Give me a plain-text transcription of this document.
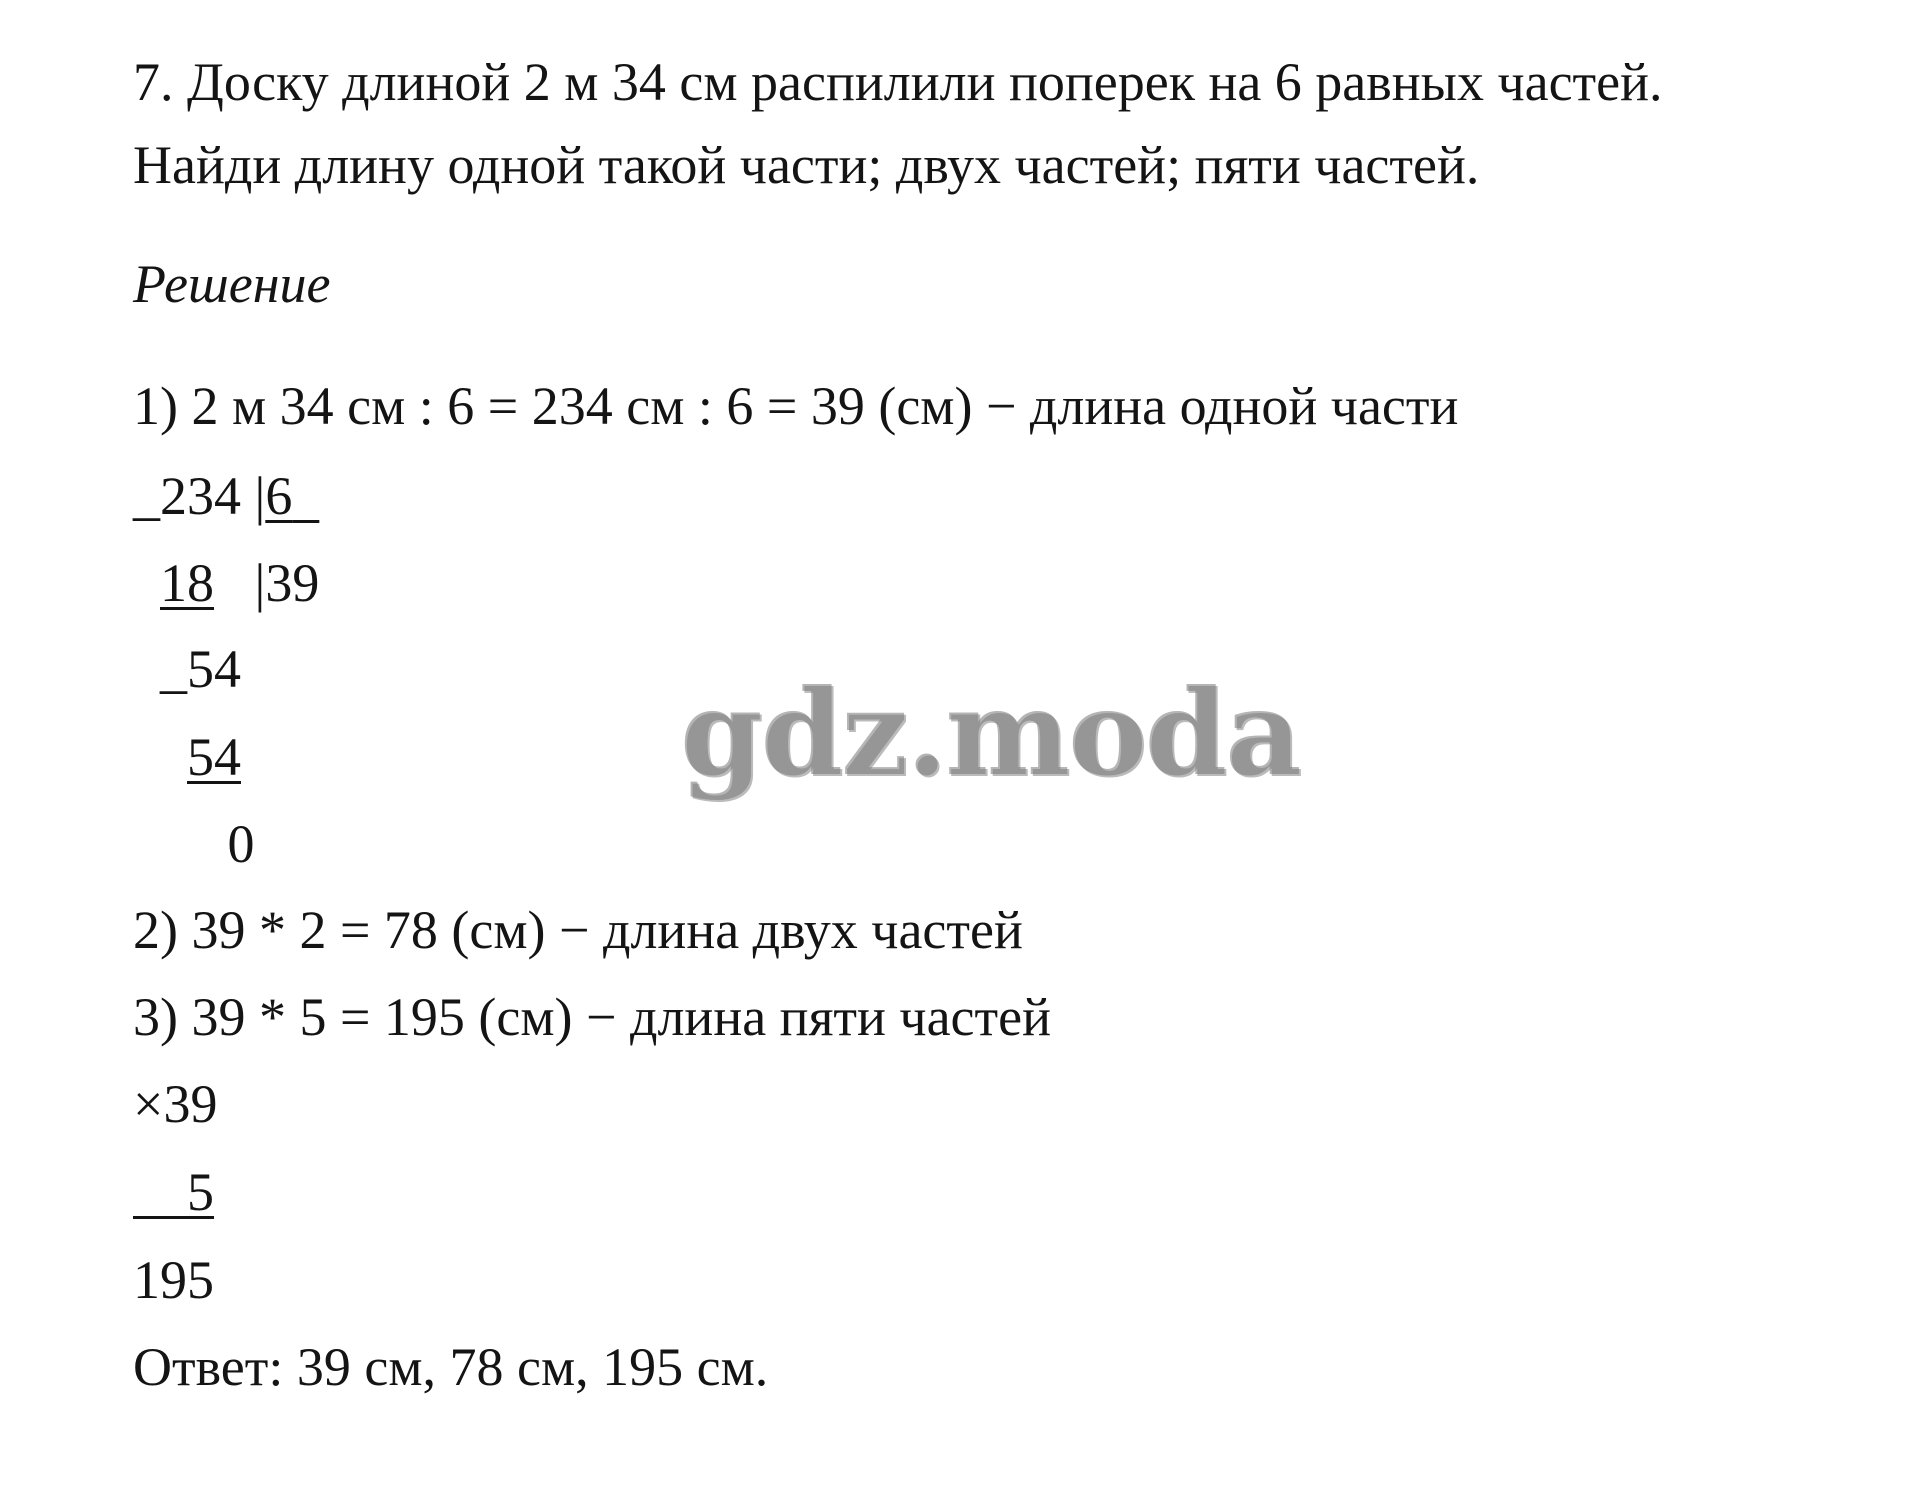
7. Доску длиной 2 м 34 см распилили поперек на 6 равных частей.
Найди длину одной такой части; двух частей; пяти частей.
Решение
1) 2 м 34 см : 6 = 234 см : 6 = 39 (см) − длина одной части
_234 |6
18   |39
_54
54
0
2) 39 * 2 = 78 (см) − длина двух частей
3) 39 * 5 = 195 (см) − длина пяти частей
×39
5
195
Ответ: 39 см, 78 см, 195 см.
gdz.moda
